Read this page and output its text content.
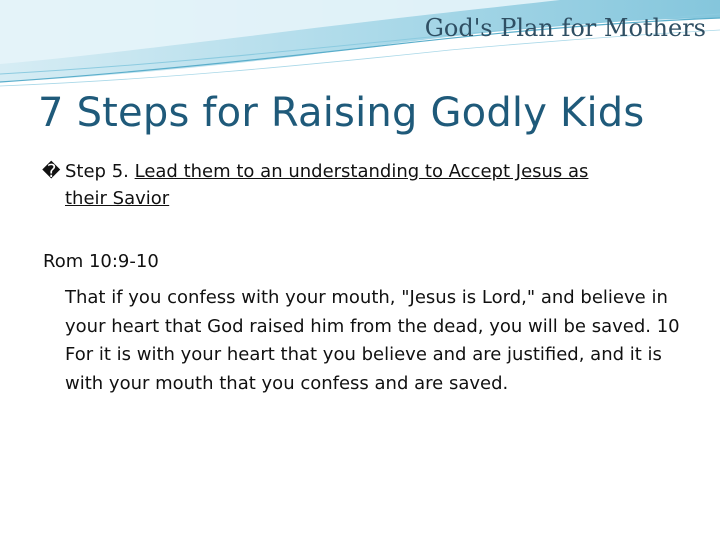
God's Plan for Mothers
7 Steps for Raising Godly Kids
� Step 5. Lead them to an understanding to Accept Jesus as
their Savior
Rom 10:9-10
That if you confess with your mouth, "Jesus is Lord," and believe in your heart that God raised him from the dead, you will be saved. 10 For it is with your heart that you believe and are justified, and it is with your mouth that you confess and are saved.
